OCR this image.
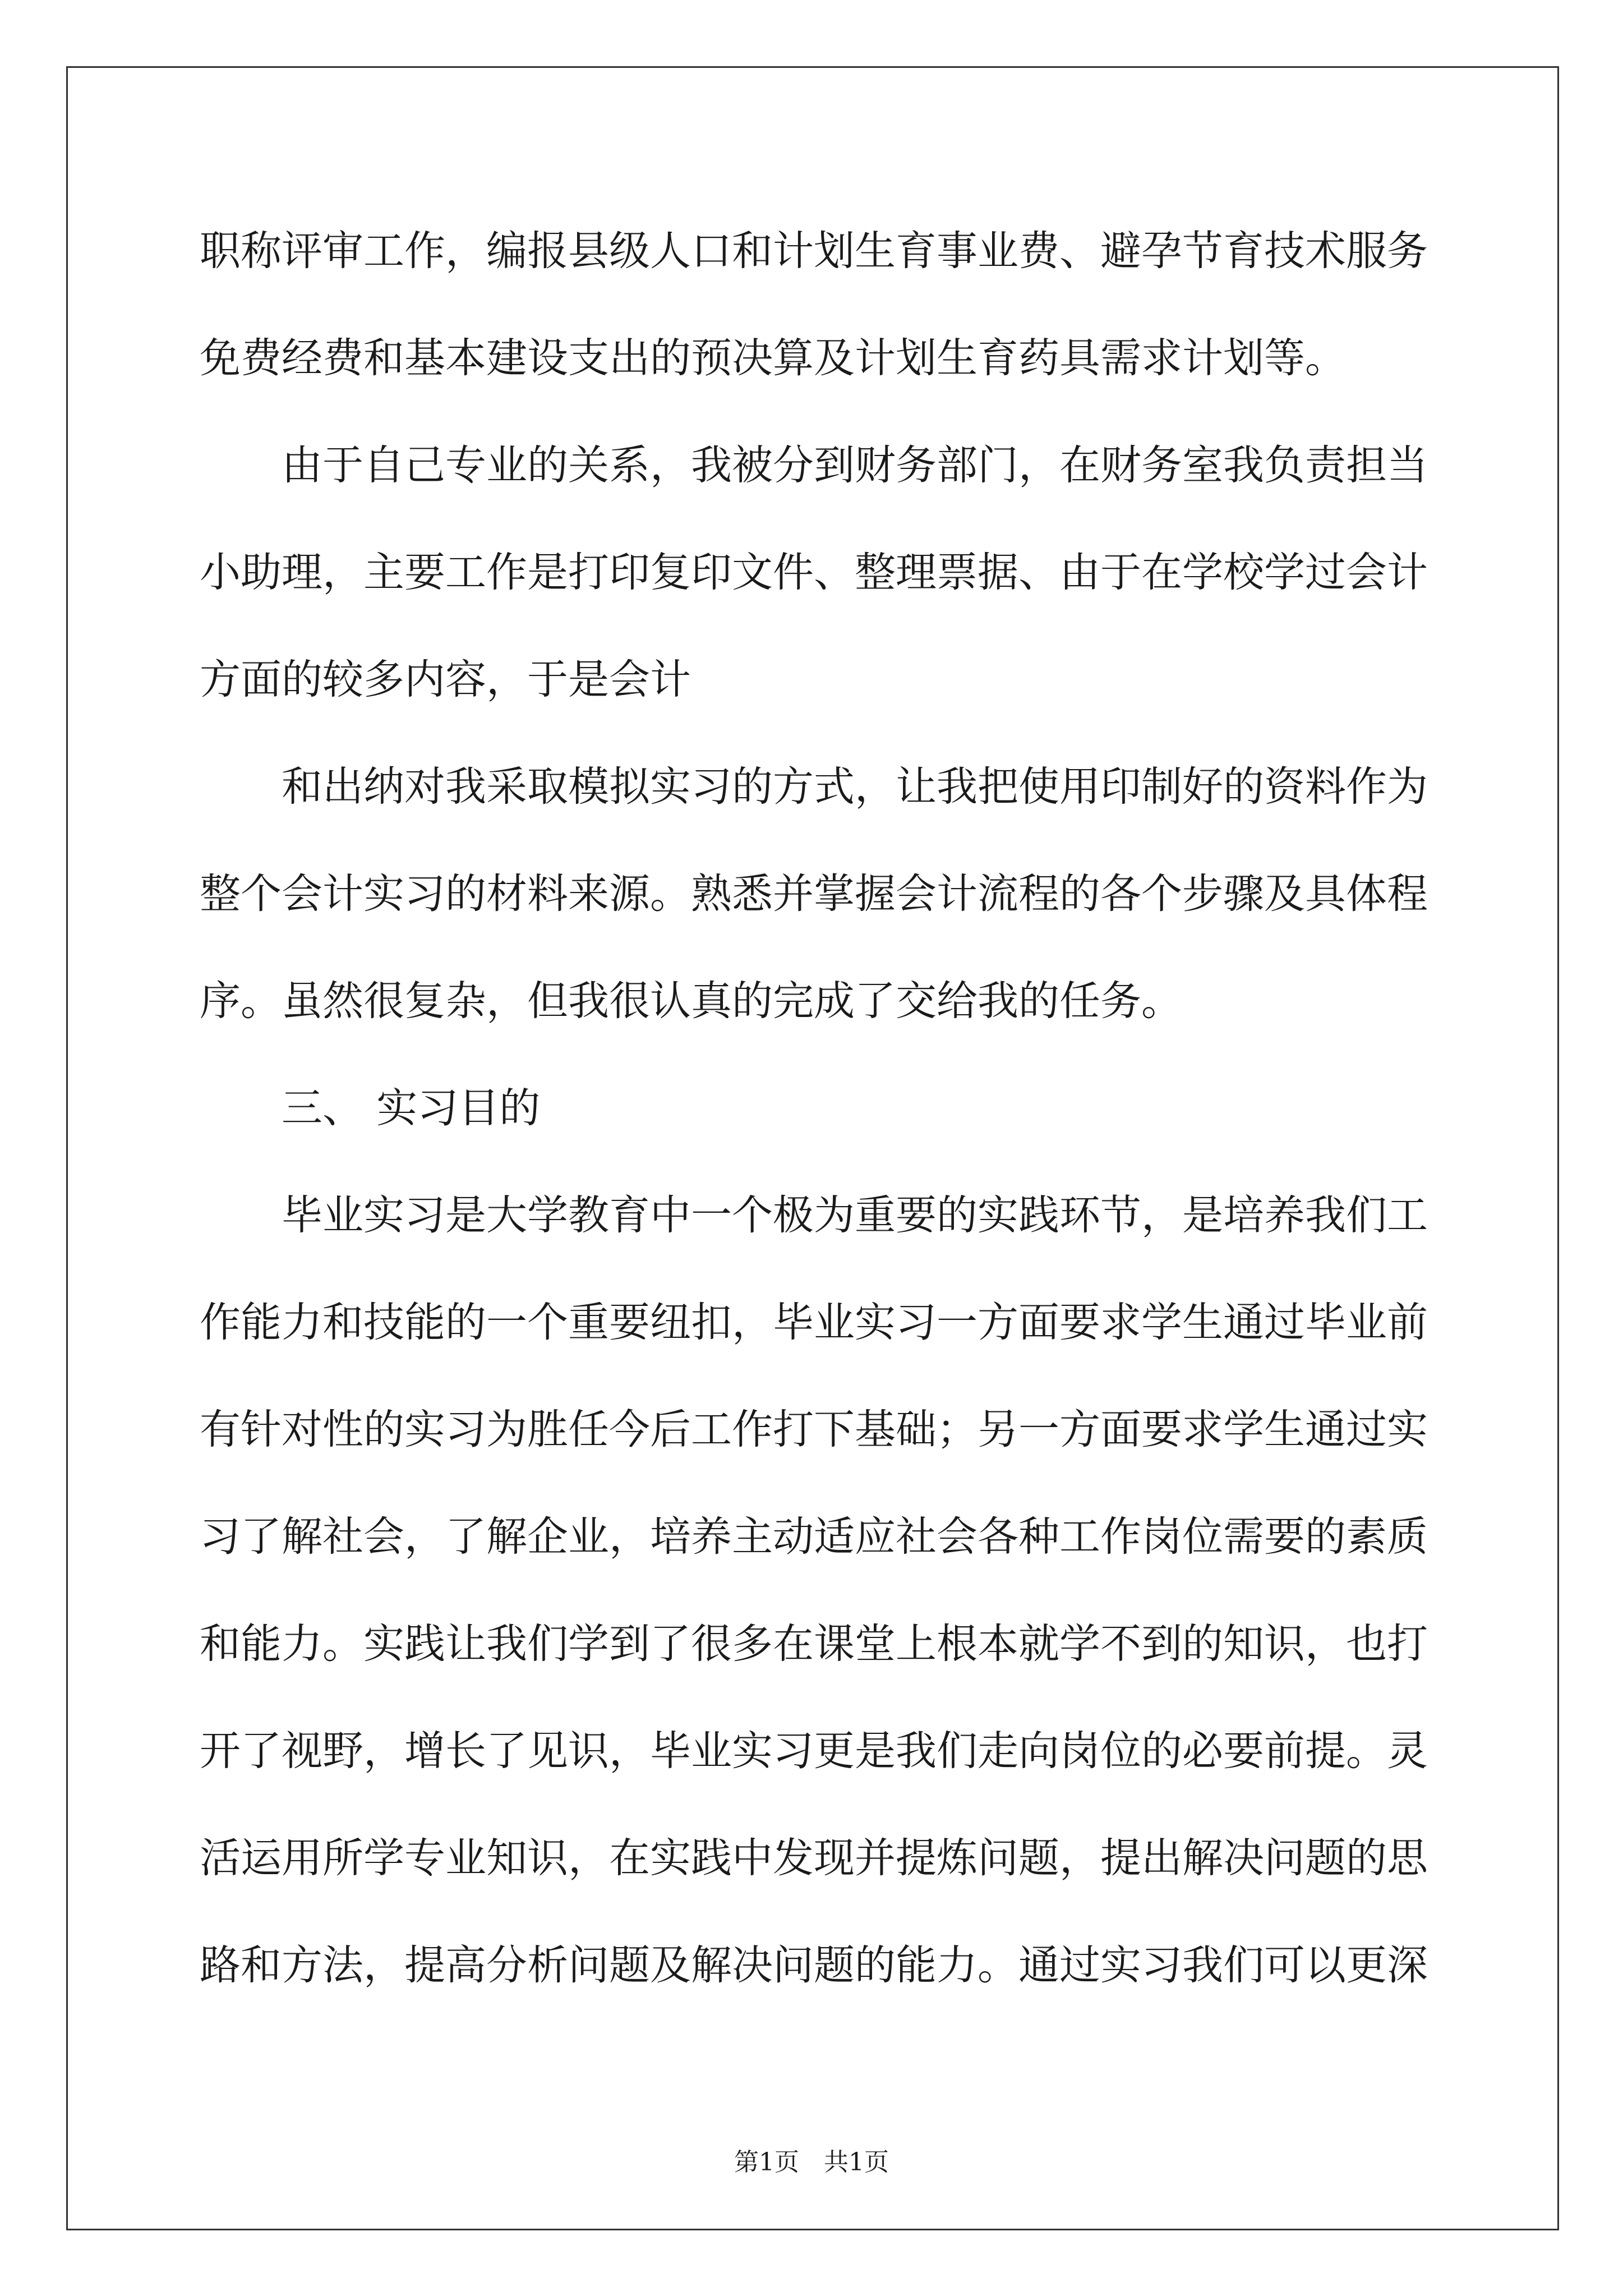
职称评审工作，编报县级人口和计划生育事业费、避孕节育技术服务
免费经费和基本建设支出的预决算及计划生育药具需求计划等。
　　由于自己专业的关系，我被分到财务部门，在财务室我负责担当
小助理，主要工作是打印复印文件、整理票据、由于在学校学过会计
方面的较多内容，于是会计
　　和出纳对我采取模拟实习的方式，让我把使用印制好的资料作为
整个会计实习的材料来源。熟悉并掌握会计流程的各个步骤及具体程
序。虽然很复杂，但我很认真的完成了交给我的任务。
　　三、 实习目的
　　毕业实习是大学教育中一个极为重要的实践环节，是培养我们工
作能力和技能的一个重要纽扣，毕业实习一方面要求学生通过毕业前
有针对性的实习为胜任今后工作打下基础；另一方面要求学生通过实
习了解社会，了解企业，培养主动适应社会各种工作岗位需要的素质
和能力。实践让我们学到了很多在课堂上根本就学不到的知识，也打
开了视野，增长了见识，毕业实习更是我们走向岗位的必要前提。灵
活运用所学专业知识，在实践中发现并提炼问题，提出解决问题的思
路和方法，提高分析问题及解决问题的能力。通过实习我们可以更深
第1页　共1页
